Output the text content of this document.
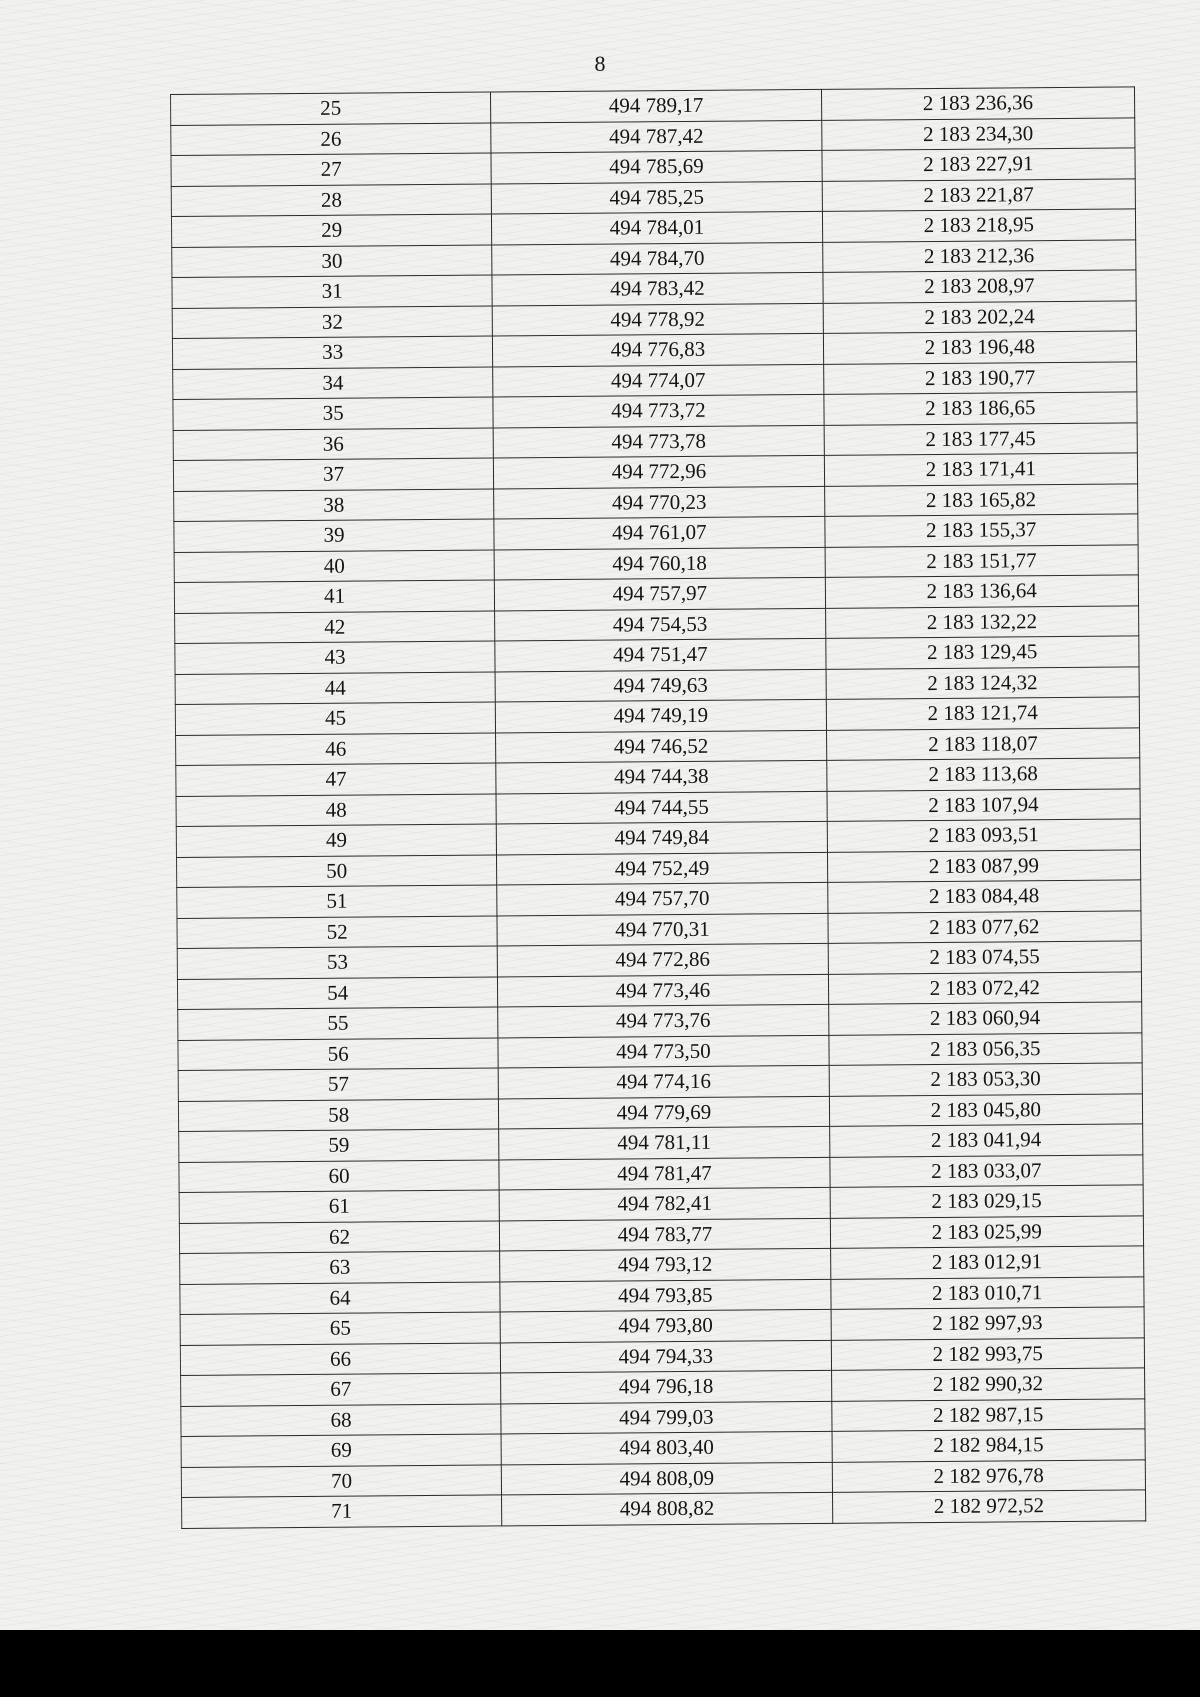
8
25	494 789,17	2 183 236,36
26	494 787,42	2 183 234,30
27	494 785,69	2 183 227,91
28	494 785,25	2 183 221,87
29	494 784,01	2 183 218,95
30	494 784,70	2 183 212,36
31	494 783,42	2 183 208,97
32	494 778,92	2 183 202,24
33	494 776,83	2 183 196,48
34	494 774,07	2 183 190,77
35	494 773,72	2 183 186,65
36	494 773,78	2 183 177,45
37	494 772,96	2 183 171,41
38	494 770,23	2 183 165,82
39	494 761,07	2 183 155,37
40	494 760,18	2 183 151,77
41	494 757,97	2 183 136,64
42	494 754,53	2 183 132,22
43	494 751,47	2 183 129,45
44	494 749,63	2 183 124,32
45	494 749,19	2 183 121,74
46	494 746,52	2 183 118,07
47	494 744,38	2 183 113,68
48	494 744,55	2 183 107,94
49	494 749,84	2 183 093,51
50	494 752,49	2 183 087,99
51	494 757,70	2 183 084,48
52	494 770,31	2 183 077,62
53	494 772,86	2 183 074,55
54	494 773,46	2 183 072,42
55	494 773,76	2 183 060,94
56	494 773,50	2 183 056,35
57	494 774,16	2 183 053,30
58	494 779,69	2 183 045,80
59	494 781,11	2 183 041,94
60	494 781,47	2 183 033,07
61	494 782,41	2 183 029,15
62	494 783,77	2 183 025,99
63	494 793,12	2 183 012,91
64	494 793,85	2 183 010,71
65	494 793,80	2 182 997,93
66	494 794,33	2 182 993,75
67	494 796,18	2 182 990,32
68	494 799,03	2 182 987,15
69	494 803,40	2 182 984,15
70	494 808,09	2 182 976,78
71	494 808,82	2 182 972,52
